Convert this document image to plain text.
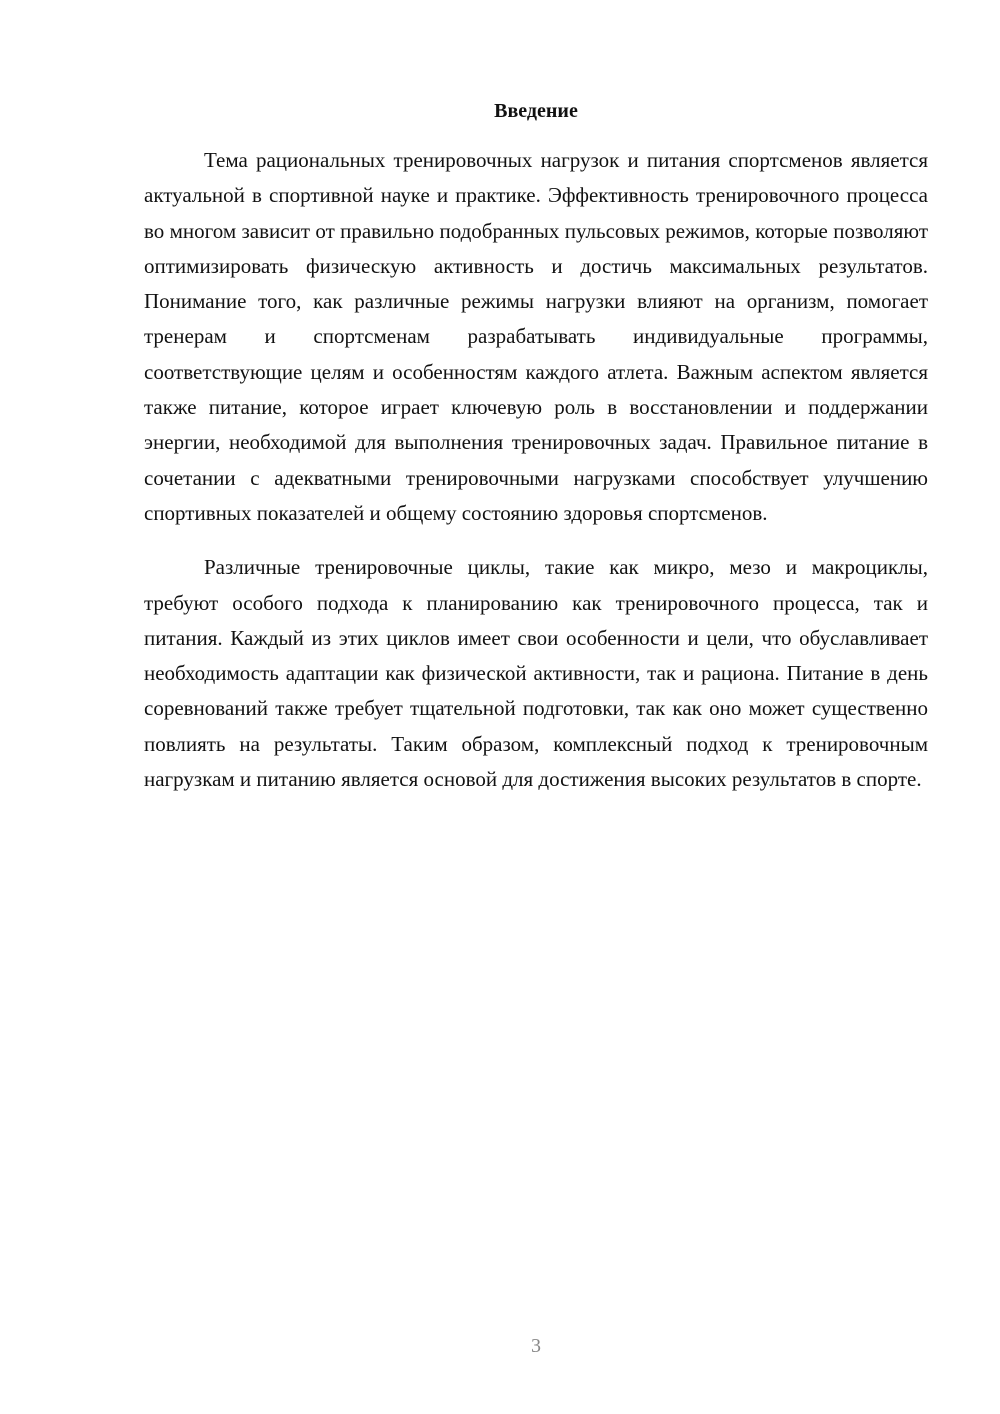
Введение

Тема рациональных тренировочных нагрузок и питания спортсменов является актуальной в спортивной науке и практике. Эффективность тренировочного процесса во многом зависит от правильно подобранных пульсовых режимов, которые позволяют оптимизировать физическую активность и достичь максимальных результатов. Понимание того, как различные режимы нагрузки влияют на организм, помогает тренерам и спортсменам разрабатывать индивидуальные программы, соответствующие целям и особенностям каждого атлета. Важным аспектом является также питание, которое играет ключевую роль в восстановлении и поддержании энергии, необходимой для выполнения тренировочных задач. Правильное питание в сочетании с адекватными тренировочными нагрузками способствует улучшению спортивных показателей и общему состоянию здоровья спортсменов.

Различные тренировочные циклы, такие как микро, мезо и макроциклы, требуют особого подхода к планированию как тренировочного процесса, так и питания. Каждый из этих циклов имеет свои особенности и цели, что обуславливает необходимость адаптации как физической активности, так и рациона. Питание в день соревнований также требует тщательной подготовки, так как оно может существенно повлиять на результаты. Таким образом, комплексный подход к тренировочным нагрузкам и питанию является основой для достижения высоких результатов в спорте.

3
